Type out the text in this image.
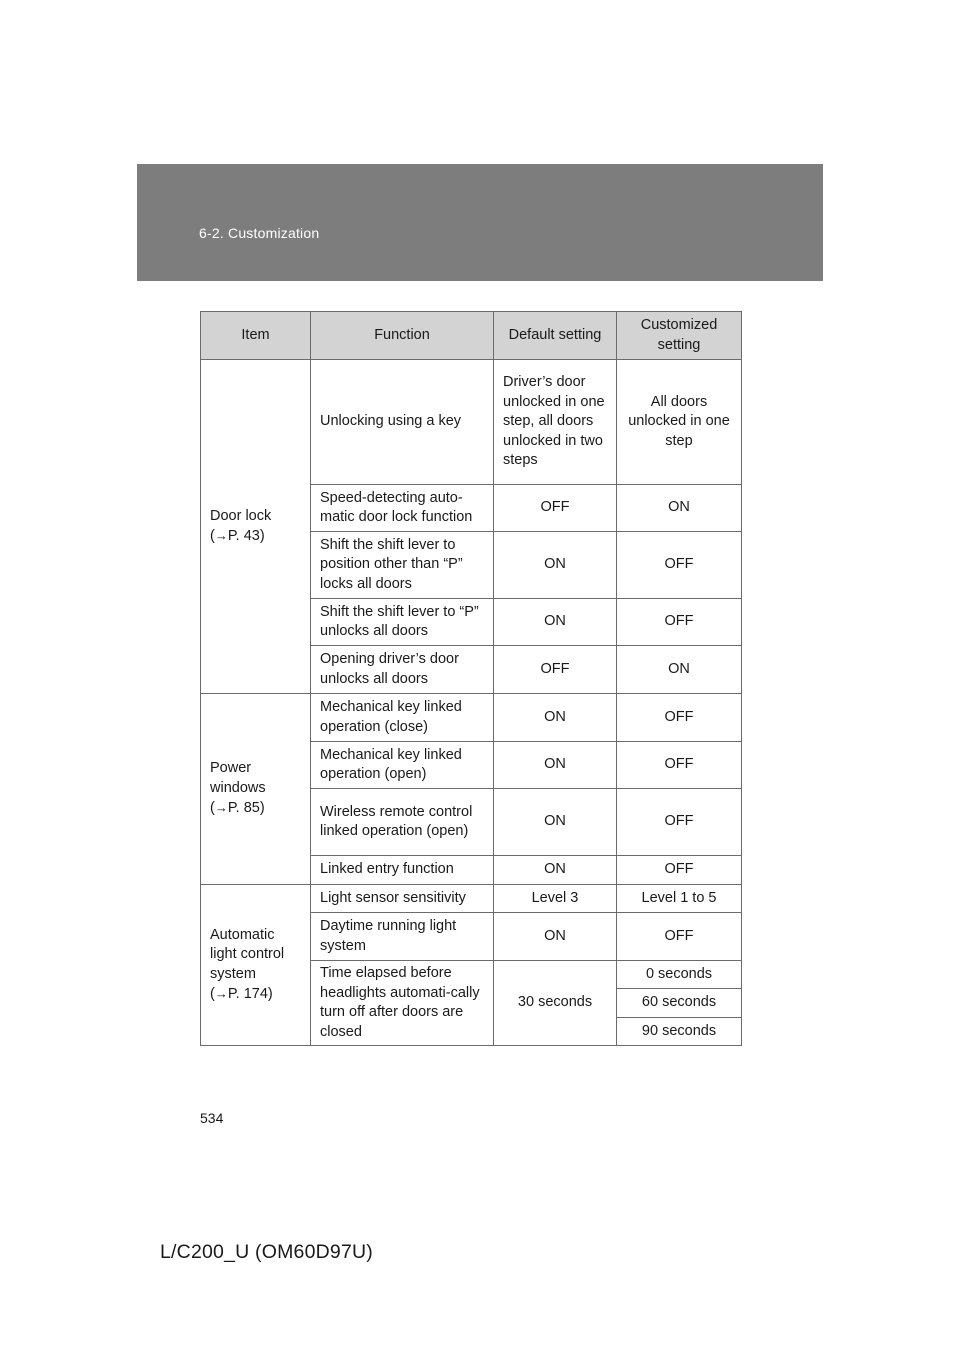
6-2. Customization
Item	Function	Default setting	Customized setting

Door lock
(→P. 43)	Unlocking using a key	Driver’s door unlocked in one step, all doors unlocked in two steps	All doors unlocked in one step
	Speed-detecting auto-matic door lock function	OFF	ON
	Shift the shift lever to position other than “P” locks all doors	ON	OFF
	Shift the shift lever to “P” unlocks all doors	ON	OFF
	Opening driver’s door unlocks all doors	OFF	ON

Power windows
(→P. 85)	Mechanical key linked operation (close)	ON	OFF
	Mechanical key linked operation (open)	ON	OFF
	Wireless remote control linked operation (open)	ON	OFF
	Linked entry function	ON	OFF

Automatic light control system
(→P. 174)	Light sensor sensitivity	Level 3	Level 1 to 5
	Daytime running light system	ON	OFF
	Time elapsed before headlights automati-cally turn off after doors are closed	30 seconds	0 seconds
			60 seconds
			90 seconds
534
L/C200_U (OM60D97U)
